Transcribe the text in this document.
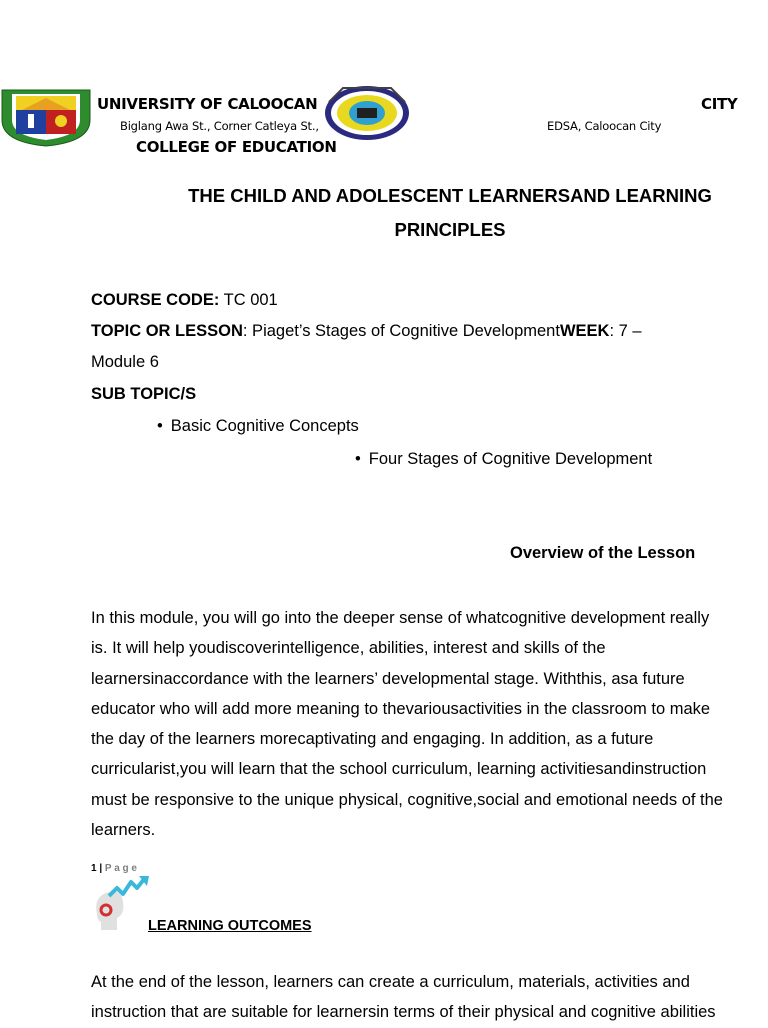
UNIVERSITY OF CALOOCAN	CITY
Biglang Awa St., Corner Catleya St.,	EDSA, Caloocan City
COLLEGE OF EDUCATION
THE CHILD AND ADOLESCENT LEARNERSAND LEARNING
PRINCIPLES
COURSE CODE: TC 001
TOPIC OR LESSON: Piaget’s Stages of Cognitive DevelopmentWEEK: 7 –
Module 6
SUB TOPIC/S
• Basic Cognitive Concepts
• Four Stages of Cognitive Development
Overview of the Lesson
In this module, you will go into the deeper sense of whatcognitive development really
is. It will help youdiscoverintelligence, abilities, interest and skills of the
learnersinaccordance with the learners’ developmental stage. Withthis, asa future
educator who will add more meaning to thevariousactivities in the classroom to make
the day of the learners morecaptivating and engaging. In addition, as a future
curricularist,you will learn that the school curriculum, learning activitiesandinstruction
must be responsive to the unique physical, cognitive,social and emotional needs of the
learners.
1 | P a g e
LEARNING OUTCOMES
At the end of the lesson, learners can create a curriculum, materials, activities and
instruction that are suitable for learnersin terms of their physical and cognitive abilities
